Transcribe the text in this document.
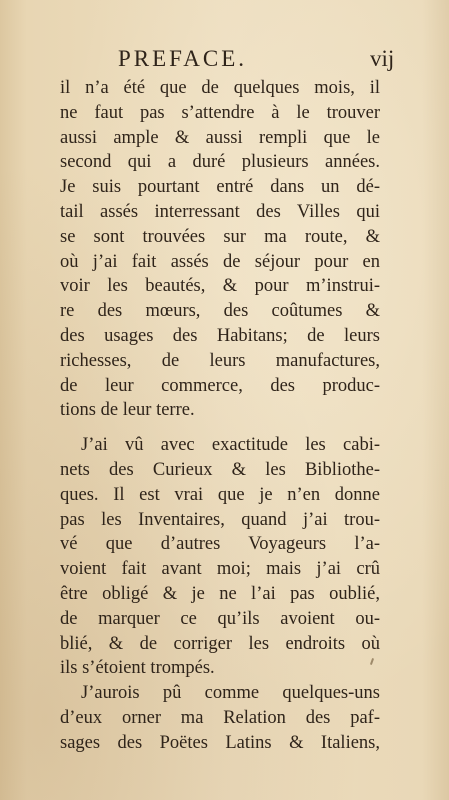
PREFACE.	vij
il n’a été que de quelques mois, il
ne faut pas s’attendre à le trouver
aussi ample & aussi rempli que le
second qui a duré plusieurs années.
Je suis pourtant entré dans un dé-
tail assés interressant des Villes qui
se sont trouvées sur ma route, &
où j’ai fait assés de séjour pour en
voir les beautés, & pour m’instrui-
re des mœurs, des coûtumes &
des usages des Habitans; de leurs
richesses, de leurs manufactures,
de leur commerce, des produc-
tions de leur terre.
J’ai vû avec exactitude les cabi-
nets des Curieux & les Bibliothe-
ques. Il est vrai que je n’en donne
pas les Inventaires, quand j’ai trou-
vé que d’autres Voyageurs l’a-
voient fait avant moi; mais j’ai crû
être obligé & je ne l’ai pas oublié,
de marquer ce qu’ils avoient ou-
blié, & de corriger les endroits où
ils s’étoient trompés.
J’aurois pû comme quelques-uns
d’eux orner ma Relation des paf-
sages des Poëtes Latins & Italiens,
